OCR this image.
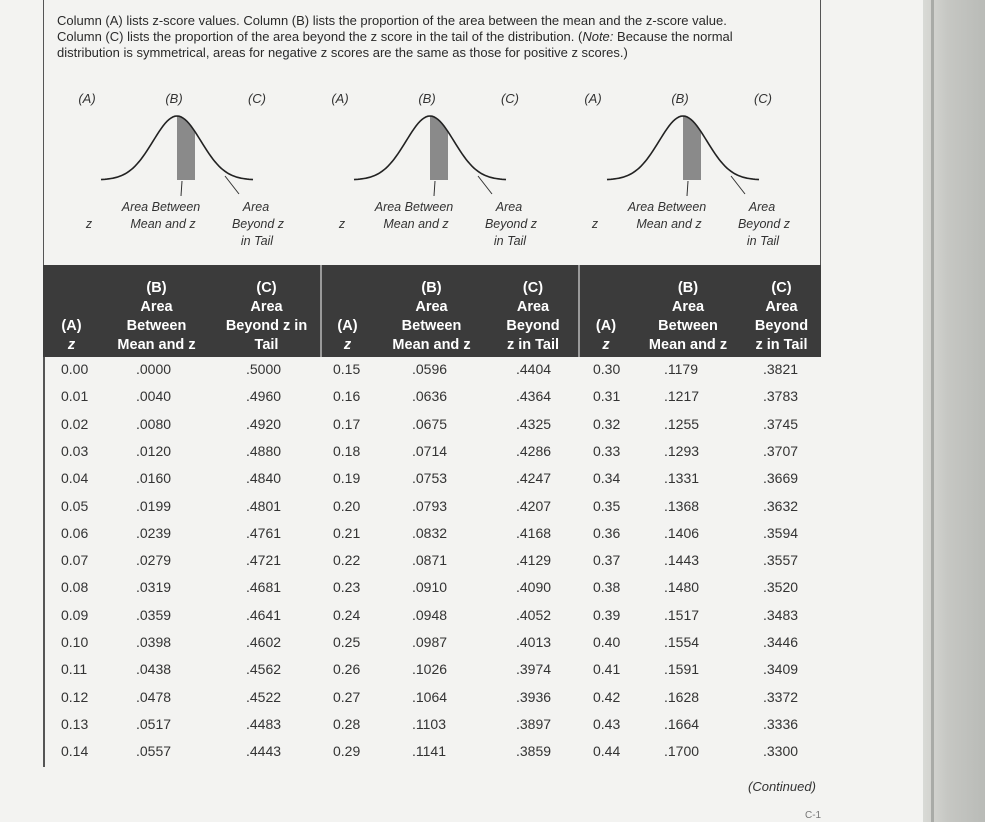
Column (A) lists z-score values. Column (B) lists the proportion of the area between the mean and the z-score value.
Column (C) lists the proportion of the area beyond the z score in the tail of the distribution. (Note: Because the normal
distribution is symmetrical, areas for negative z scores are the same as those for positive z scores.)
(A)	(B)	(C)
z
Area Between
Mean and z
Area
Beyond z
in Tail
(A)	(B)	(C)
z
Area Between
Mean and z
Area
Beyond z
in Tail
(A)	(B)	(C)
z
Area Between
Mean and z
Area
Beyond z
in Tail
(A)
z
(B)
Area
Between
Mean and z
(C)
Area
Beyond z in
Tail
(A)
z
(B)
Area
Between
Mean and z
(C)
Area
Beyond
z in Tail
(A)
z
(B)
Area
Between
Mean and z
(C)
Area
Beyond
z in Tail
0.00	.0000	.5000	0.15	.0596	.4404	0.30	.1179	.3821
0.01	.0040	.4960	0.16	.0636	.4364	0.31	.1217	.3783
0.02	.0080	.4920	0.17	.0675	.4325	0.32	.1255	.3745
0.03	.0120	.4880	0.18	.0714	.4286	0.33	.1293	.3707
0.04	.0160	.4840	0.19	.0753	.4247	0.34	.1331	.3669
0.05	.0199	.4801	0.20	.0793	.4207	0.35	.1368	.3632
0.06	.0239	.4761	0.21	.0832	.4168	0.36	.1406	.3594
0.07	.0279	.4721	0.22	.0871	.4129	0.37	.1443	.3557
0.08	.0319	.4681	0.23	.0910	.4090	0.38	.1480	.3520
0.09	.0359	.4641	0.24	.0948	.4052	0.39	.1517	.3483
0.10	.0398	.4602	0.25	.0987	.4013	0.40	.1554	.3446
0.11	.0438	.4562	0.26	.1026	.3974	0.41	.1591	.3409
0.12	.0478	.4522	0.27	.1064	.3936	0.42	.1628	.3372
0.13	.0517	.4483	0.28	.1103	.3897	0.43	.1664	.3336
0.14	.0557	.4443	0.29	.1141	.3859	0.44	.1700	.3300
(Continued)
C-1
